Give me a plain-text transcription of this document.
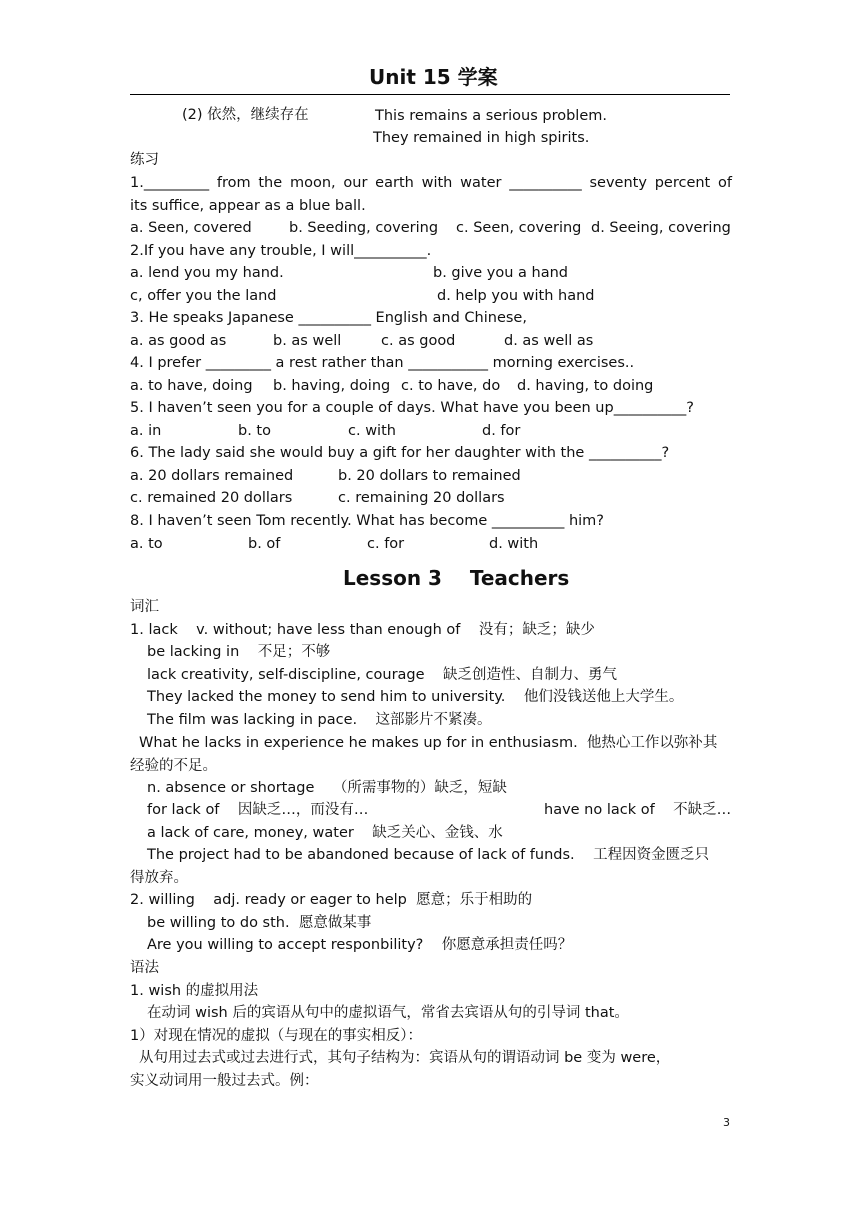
Unit 15 学案
(2) 依然，继续存在	This remains a serious problem.
They remained in high spirits.
练习
1._________ from the moon, our earth with water __________ seventy percent of
its suffice, appear as a blue ball.
a. Seen, covered	b. Seeding, covering c. Seen, covering d. Seeing, covering
2.If you have any trouble, I will__________.
a. lend you my hand.	b. give you a hand
c, offer you the land	d. help you with hand
3. He speaks Japanese __________ English and Chinese,
a. as good as	b. as well	c. as good	d. as well as
4. I prefer _________ a rest rather than ___________ morning exercises..
a. to have, doing b. having, doing c. to have, do d. having, to doing
5. I haven’t seen you for a couple of days. What have you been up__________?
a. in	b. to	c. with	d. for
6. The lady said she would buy a gift for her daughter with the __________?
a. 20 dollars remained	b. 20 dollars to remained
c. remained 20 dollars	c. remaining 20 dollars
8. I haven’t seen Tom recently. What has become __________ him?
a. to	b. of	c. for	d. with
Lesson 3    Teachers
词汇
1. lack    v. without; have less than enough of    没有；缺乏；缺少
be lacking in    不足；不够
lack creativity, self-discipline, courage    缺乏创造性、自制力、勇气
They lacked the money to send him to university.    他们没钱送他上大学生。
The film was lacking in pace.    这部影片不紧凑。
What he lacks in experience he makes up for in enthusiasm.  他热心工作以弥补其
经验的不足。
n. absence or shortage    （所需事物的）缺乏，短缺
for lack of    因缺乏…，而没有…	have no lack of    不缺乏…
a lack of care, money, water    缺乏关心、金钱、水
The project had to be abandoned because of lack of funds.    工程因资金匮乏只
得放弃。
2. willing    adj. ready or eager to help  愿意；乐于相助的
be willing to do sth.  愿意做某事
Are you willing to accept responbility?    你愿意承担责任吗？
语法
1. wish 的虚拟用法
在动词 wish 后的宾语从句中的虚拟语气，常省去宾语从句的引导词 that。
1）对现在情况的虚拟（与现在的事实相反）：
从句用过去式或过去进行式，其句子结构为：宾语从句的谓语动词 be 变为 were，
实义动词用一般过去式。例：
3
